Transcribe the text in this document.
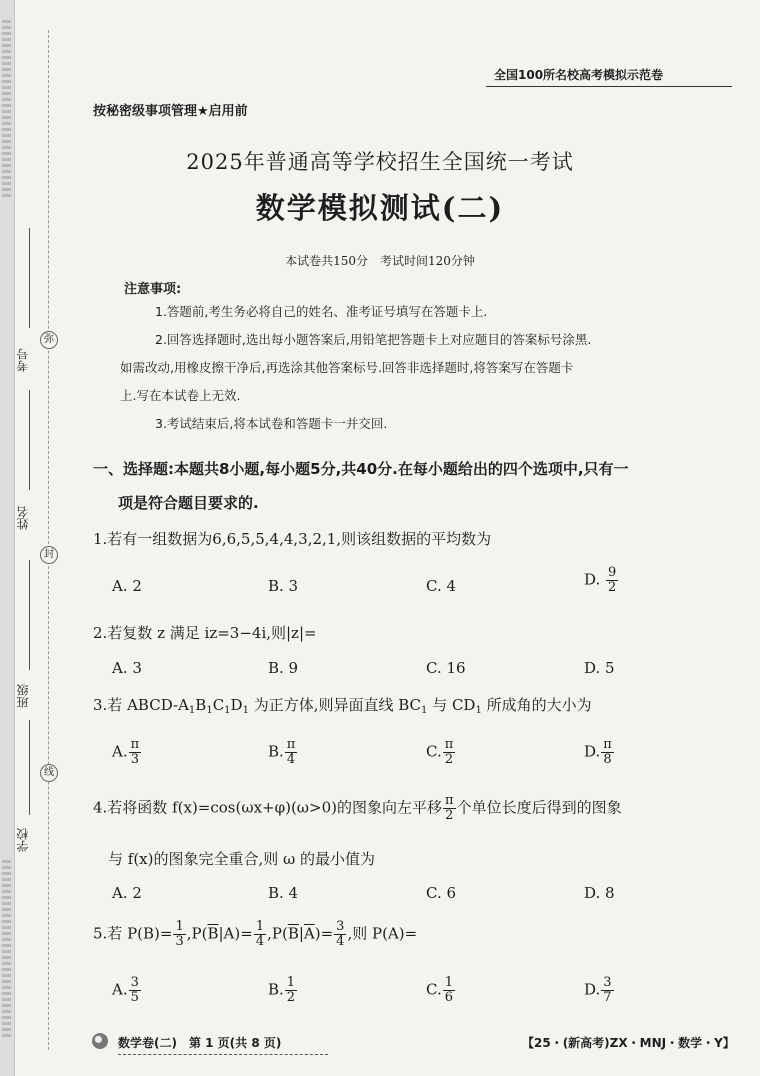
弥
封
线
考号
姓名
班级
学校
全国100所名校高考模拟示范卷
按秘密级事项管理★启用前
2025年普通高等学校招生全国统一考试
数学模拟测试(二)
本试卷共150分　考试时间120分钟
注意事项:
1.答题前,考生务必将自己的姓名、准考证号填写在答题卡上.
2.回答选择题时,选出每小题答案后,用铅笔把答题卡上对应题目的答案标号涂黑.
如需改动,用橡皮擦干净后,再选涂其他答案标号.回答非选择题时,将答案写在答题卡
上.写在本试卷上无效.
3.考试结束后,将本试卷和答题卡一并交回.
一、选择题:本题共8小题,每小题5分,共40分.在每小题给出的四个选项中,只有一
项是符合题目要求的.
1.若有一组数据为6,6,5,5,4,4,3,2,1,则该组数据的平均数为
A. 2	B. 3	C. 4	D. $\frac{9}{2}$
2.若复数 z 满足 iz=3−4i,则|z|=
A. 3	B. 9	C. 16	D. 5
3.若 ABCD-$A_1B_1C_1D_1$ 为正方体,则异面直线 $BC_1$ 与 $CD_1$ 所成角的大小为
A. $\frac{\pi}{3}$	B. $\frac{\pi}{4}$	C. $\frac{\pi}{2}$	D. $\frac{\pi}{8}$
4.若将函数 f(x)=cos(ωx+φ)(ω>0)的图象向左平移 $\frac{\pi}{2}$ 个单位长度后得到的图象
与 f(x)的图象完全重合,则 ω 的最小值为
A. 2	B. 4	C. 6	D. 8
5.若 $P(B)= \frac{1}{3} ,P(\overline{B}|A)= \frac{1}{4} ,P(\overline{B}|\overline{A})= \frac{3}{4}$ ,则 P(A)=
A. $\frac{3}{5}$	B. $\frac{1}{2}$	C. $\frac{1}{6}$	D. $\frac{3}{7}$
数学卷(二)　第 1 页(共 8 页)	【25・(新高考)ZX・MNJ・数学・Y】
